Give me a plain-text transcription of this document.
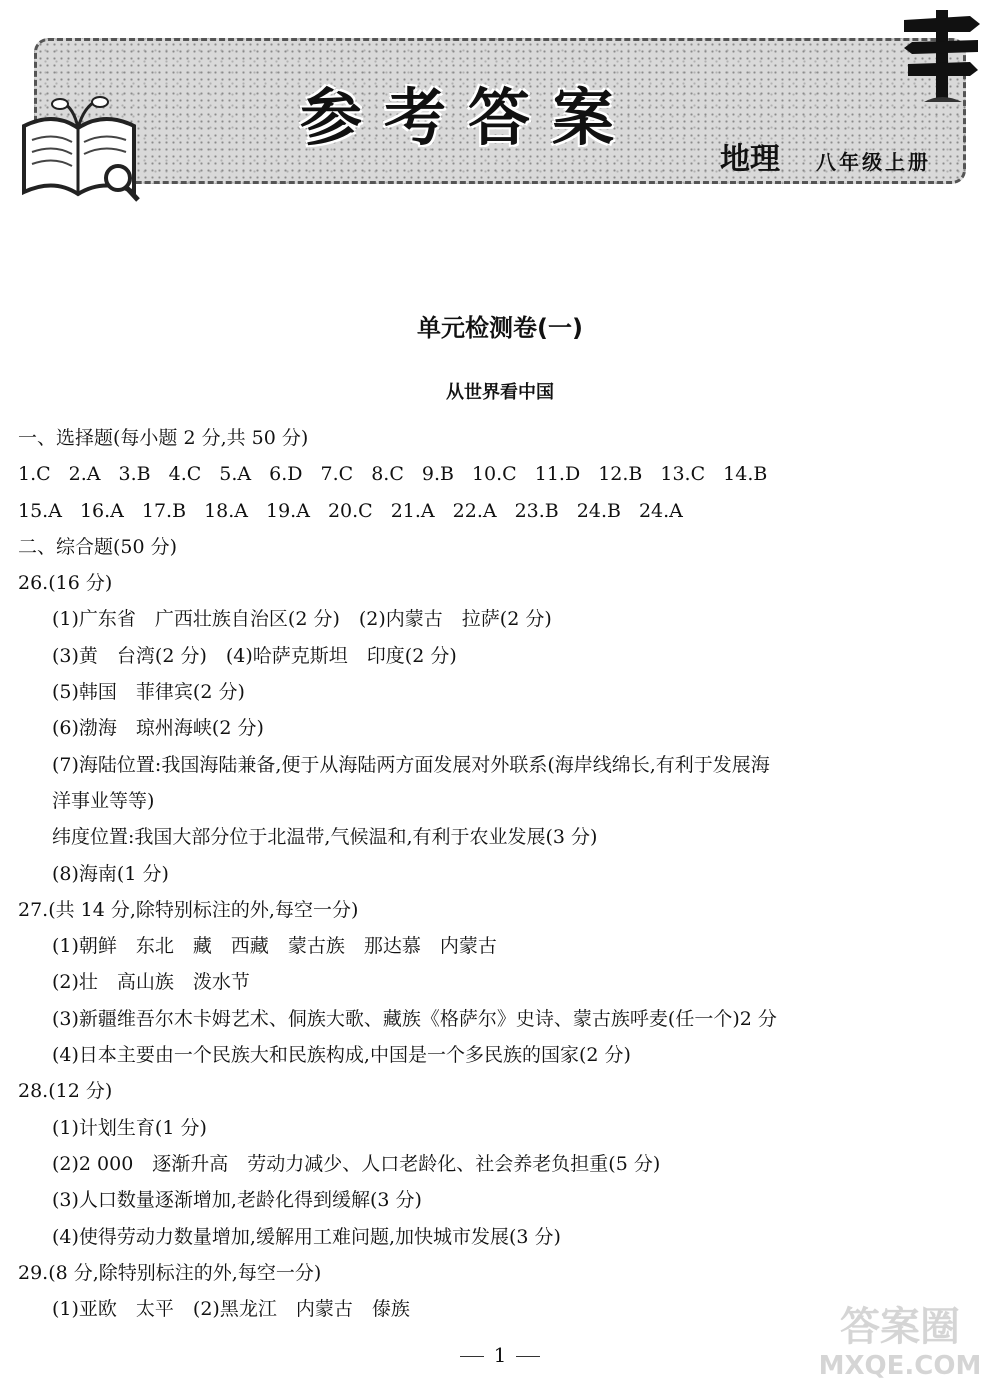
参考答案
地理 八年级上册
单元检测卷(一)
从世界看中国
一、选择题(每小题 2 分,共 50 分)
1.C 2.A 3.B 4.C 5.A 6.D 7.C 8.C 9.B 10.C 11.D 12.B 13.C 14.B
15.A 16.A 17.B 18.A 19.A 20.C 21.A 22.A 23.B 24.B 24.A
二、综合题(50 分)
26.(16 分)
(1)广东省　广西壮族自治区(2 分)　(2)内蒙古　拉萨(2 分)
(3)黄　台湾(2 分)　(4)哈萨克斯坦　印度(2 分)
(5)韩国　菲律宾(2 分)
(6)渤海　琼州海峡(2 分)
(7)海陆位置:我国海陆兼备,便于从海陆两方面发展对外联系(海岸线绵长,有利于发展海
洋事业等等)
纬度位置:我国大部分位于北温带,气候温和,有利于农业发展(3 分)
(8)海南(1 分)
27.(共 14 分,除特别标注的外,每空一分)
(1)朝鲜　东北　藏　西藏　蒙古族　那达慕　内蒙古
(2)壮　高山族　泼水节
(3)新疆维吾尔木卡姆艺术、侗族大歌、藏族《格萨尔》史诗、蒙古族呼麦(任一个)2 分
(4)日本主要由一个民族大和民族构成,中国是一个多民族的国家(2 分)
28.(12 分)
(1)计划生育(1 分)
(2)2 000　逐渐升高　劳动力减少、人口老龄化、社会养老负担重(5 分)
(3)人口数量逐渐增加,老龄化得到缓解(3 分)
(4)使得劳动力数量增加,缓解用工难问题,加快城市发展(3 分)
29.(8 分,除特别标注的外,每空一分)
(1)亚欧　太平　(2)黑龙江　内蒙古　傣族
1
答案圈
MXQE.COM
